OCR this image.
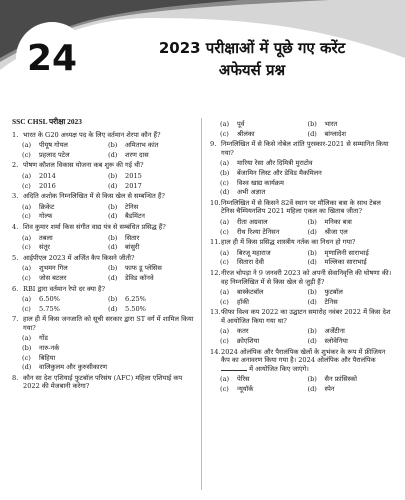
24	2023 परीक्षाओं में पूछे गए करेंट
अफेयर्स प्रश्न
SSC CHSL परीक्षा 2023
1. भारत के G20 अध्यक्ष पद के लिए वर्तमान शेरपा कौन हैं?
(a)	पीयूष गोयल	(b)	अमिताभ कांत
(c)	प्रहलाद पटेल	(d)	शरण दास
2. पोषण कौशल विकास योजना कब शुरू की गई थी?
(a)	2014	(b)	2015
(c)	2016	(d)	2017
3. अदिति अशोक निम्नलिखित में से किस खेल से सम्बन्धित हैं?
(a)	क्रिकेट	(b)	टेनिस
(c)	गोल्फ	(d)	बैडमिंटन
4. शिव कुमार शर्मा किस संगीत वाद्य यंत्र से सम्बंधित प्रसिद्ध हैं?
(a)	तबला	(b)	सितार
(c)	संतूर	(d)	बांसुरी
5. आईपीएल 2023 में अर्जित कैप किसने जीती?
(a)	शुभमन गिल	(b)	फाफ डू प्लेसिस
(c)	जोस बटलर	(d)	डेविड कॉनवे
6. RBI द्वारा वर्तमान रेपो दर क्या है?
(a)	6.50%	(b)	6.25%
(c)	5.75%	(d)	5.50%
7. हाल ही में किस जनजाति को सूची सरकार द्वारा ST वर्ग में शामिल किया गया?
(a)	गोंड
(b)	नारु-नर्क
(c)	बिहिया
(d)	वालिकुलम और कुरुसीकारण
8. कौन सा देश एशियाई फुटबॉल परिसंघ (AFC) महिला एशियाई कप 2022 की मेजबानी करेगा?
(a)	पूर्व	(b)	भारत
(c)	श्रीलंका	(d)	बांग्लादेश
9. निम्नलिखित में से किसे नोबेल शांति पुरस्कार-2021 से सम्मानित किया गया?
(a)	मारिया रेसा और दिमित्री मुराटोव
(b)	बेंजामिन लिस्ट और डेविड मैकमिलन
(c)	विश्व खाद्य कार्यक्रम
(d)	अभी अज्ञात
10. निम्नलिखित में से किसने 82वें स्थान पर मौलिका बत्रा के साथ टेबल टेनिस चैम्पियनशिप 2021 महिला एकल का खिताब जीता?
(a)	रीता अग्रवाल	(b)	मनिका बत्रा
(c)	रीथ रिश्या टेनिसन	(d)	श्रीजा एल
11. हाल ही में किस प्रसिद्ध शास्त्रीय नर्तक का निधन हो गया?
(a)	बिरजू महाराज	(b)	मृणालिनी साराभाई
(c)	सितारा देवी	(d)	मल्लिका साराभाई
12. नीरज चोपड़ा ने 9 जनवरी 2023 को अपनी सेवानिवृत्ति की घोषणा की। वह निम्नलिखित में से किस खेल से जुड़ी हैं?
(a)	बास्केटबॉल	(b)	फुटबॉल
(c)	हॉकी	(d)	टेनिस
13. फीफा विश्व कप 2022 का उद्घाटन समारोह नवंबर 2022 में किस देश में आयोजित किया गया था?
(a)	कतर	(b)	अर्जेंटीना
(c)	क्रोएशिया	(d)	स्लोवेनिया
14. 2024 ओलंपिक और पैरालंपिक खेलों के शुभंकर के रूप में फ्रीजियन कैप का अनावरण किया गया है। 2024 ओलंपिक और पैरालंपिक  में आयोजित किए जाएंगे।
(a)	पेरिस	(b)	सैन फ्रांसिस्को
(c)	न्यूयॉर्क	(d)	स्पेन
